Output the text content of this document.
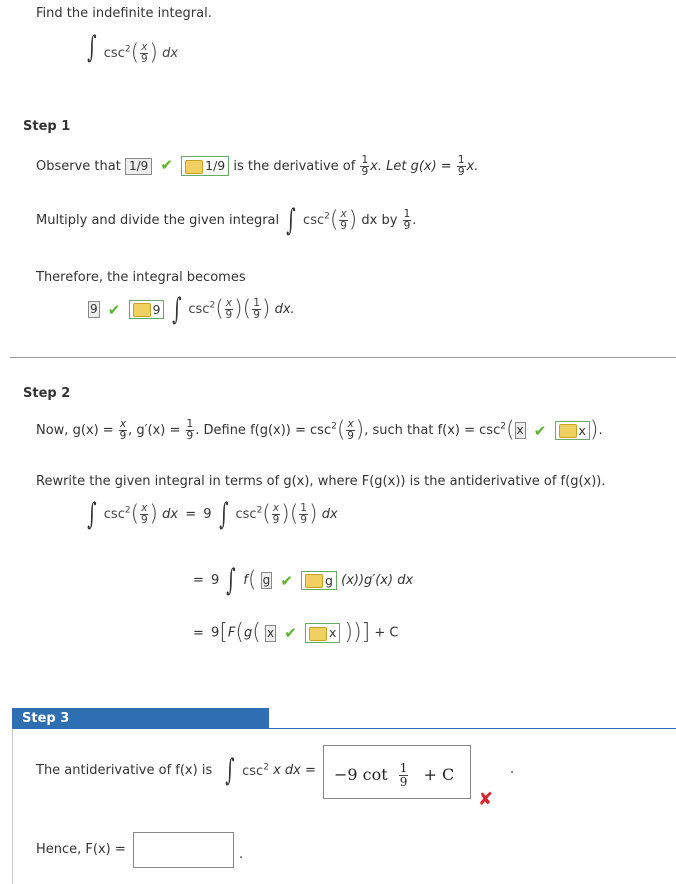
Find the indefinite integral.
∫ $\csc^2( \frac{x}{9}$ ) dx
Step 1
Observe that 1/9 ✔	1/9 is the derivative of $\frac{1}{9} x$. Let $g(x) = \frac{1}{9} x$.
Multiply and divide the given integral ∫ $\csc^2( \frac{x}{9}$ ) dx by $\frac{1}{9}$ .
Therefore, the integral becomes
9 ✔	9 ∫ $\csc^2( \frac{x}{9}$ )( $\frac{1}{9}$ ) dx.
Step 2
Now, $g(x) = \frac{x}{9}$ , $g'(x) = \frac{1}{9}$ . Define $f(g(x)) = \csc^2( \frac{x}{9}$ ), such that $f(x) = \csc^2$( x ✔	x ).
Rewrite the given integral in terms of g(x), where F(g(x)) is the antiderivative of f(g(x)).
∫ $\csc^2( \frac{x}{9}$ ) dx = 9 ∫ $\csc^2( \frac{x}{9}$ )( $\frac{1}{9}$ ) dx
= 9 ∫ f( g ✔	g (x))g′(x) dx
= 9[F(g( x ✔	x ))] + C
Step 3
The antiderivative of f(x) is ∫ $\csc^2 x$ dx = −9 $\cot \frac{1}{9} + C$	.
✘
Hence, F(x) =	.
